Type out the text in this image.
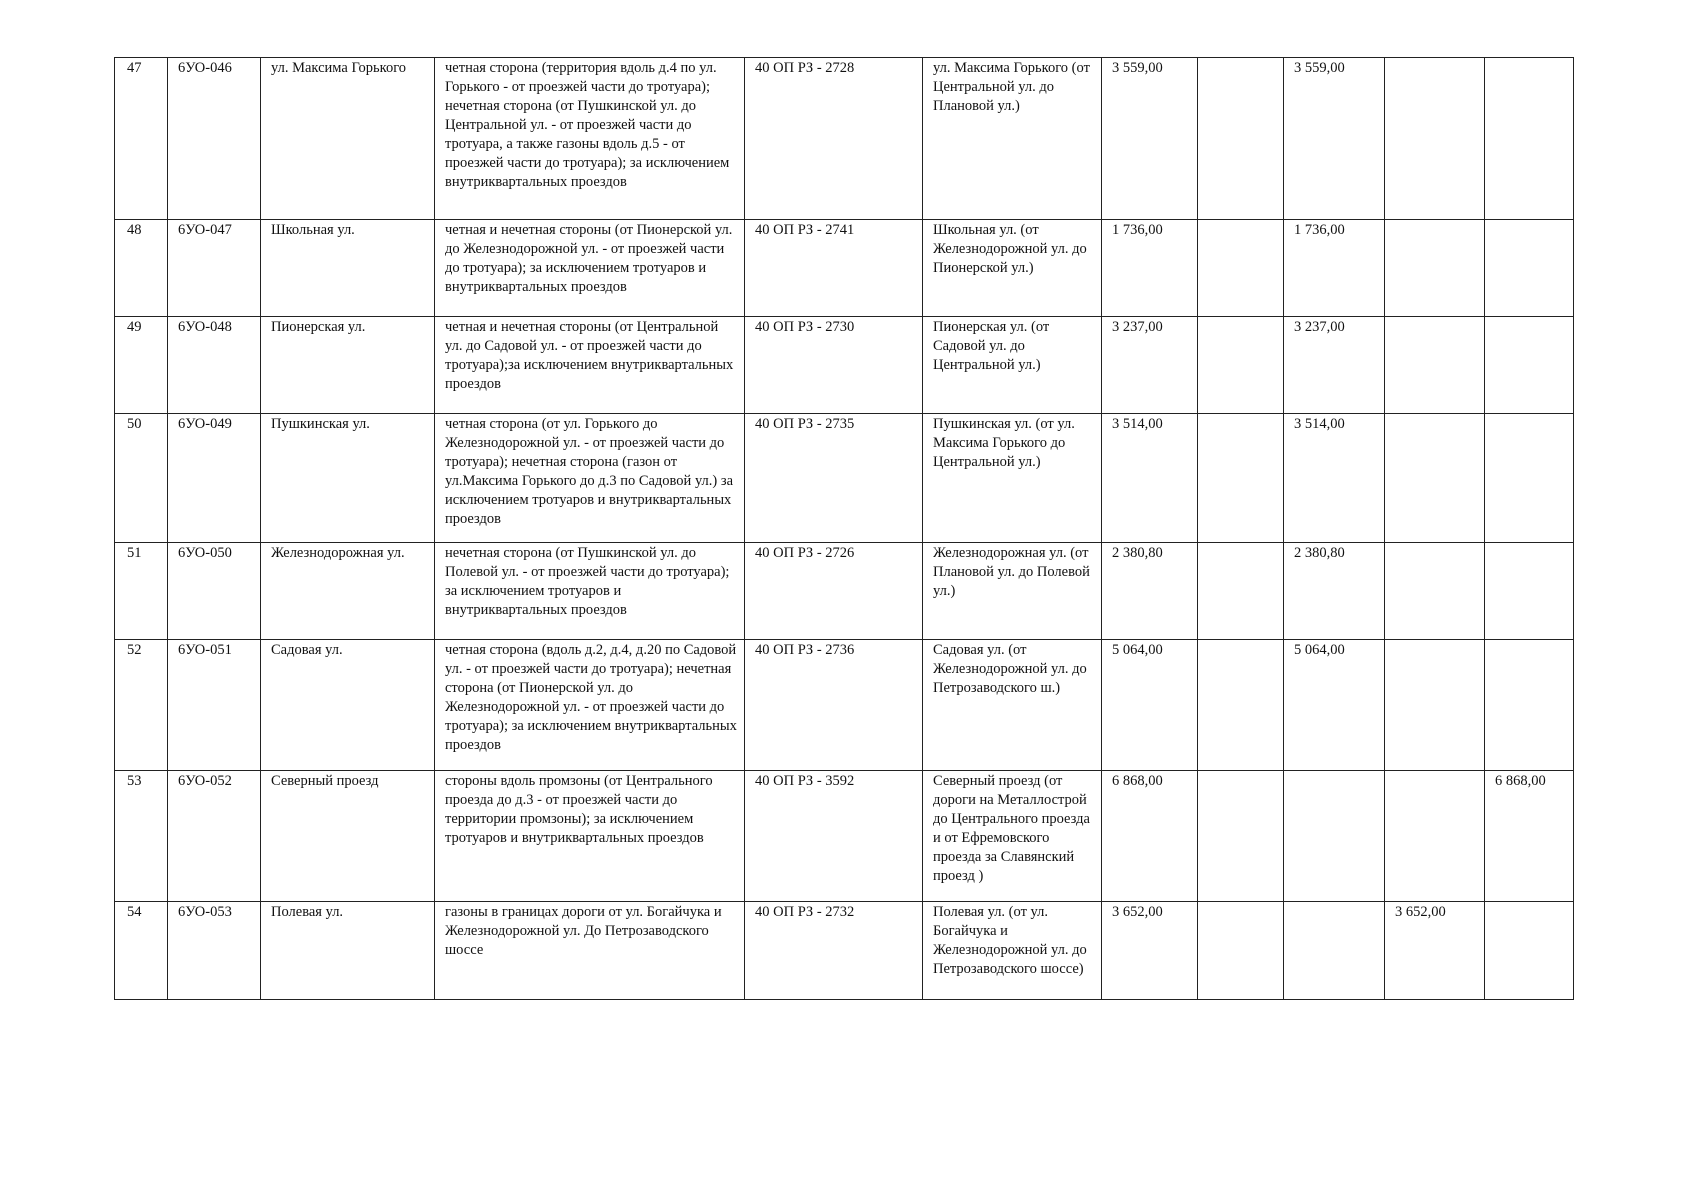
47	6УО-046	ул. Максима Горького	четная сторона (территория вдоль д.4 по ул. Горького - от проезжей части до тротуара); нечетная сторона (от Пушкинской ул. до Центральной ул. - от проезжей части до тротуара, а также газоны вдоль д.5 - от проезжей части до тротуара); за исключением внутриквартальных проездов	40 ОП РЗ - 2728	ул. Максима Горького (от Центральной ул. до Плановой ул.)	3 559,00		3 559,00		
48	6УО-047	Школьная ул.	четная и нечетная стороны (от Пионерской ул. до Железнодорожной ул. - от проезжей части до тротуара); за исключением тротуаров и внутриквартальных проездов	40 ОП РЗ - 2741	Школьная ул. (от Железнодорожной ул. до Пионерской ул.)	1 736,00		1 736,00		
49	6УО-048	Пионерская ул.	четная и нечетная стороны (от Центральной ул. до Садовой ул. - от проезжей части до тротуара);за исключением внутриквартальных проездов	40 ОП РЗ - 2730	Пионерская ул. (от Садовой ул. до Центральной ул.)	3 237,00		3 237,00		
50	6УО-049	Пушкинская ул.	четная сторона (от ул. Горького до Железнодорожной ул. - от проезжей части до тротуара); нечетная сторона (газон от ул.Максима Горького до д.3 по Садовой ул.) за исключением тротуаров и внутриквартальных проездов	40 ОП РЗ - 2735	Пушкинская ул. (от ул. Максима Горького до Центральной ул.)	3 514,00		3 514,00		
51	6УО-050	Железнодорожная ул.	нечетная сторона (от Пушкинской ул. до Полевой ул. - от проезжей части до тротуара); за исключением тротуаров и внутриквартальных проездов	40 ОП РЗ - 2726	Железнодорожная ул. (от Плановой ул. до Полевой ул.)	2 380,80		2 380,80		
52	6УО-051	Садовая ул.	четная сторона (вдоль д.2, д.4, д.20 по Садовой ул. - от проезжей части до тротуара); нечетная сторона (от Пионерской ул. до Железнодорожной ул. - от проезжей части до тротуара); за исключением внутриквартальных проездов	40 ОП РЗ - 2736	Садовая ул. (от Железнодорожной ул. до Петрозаводского ш.)	5 064,00		5 064,00		
53	6УО-052	Северный проезд	стороны вдоль промзоны (от Центрального проезда до д.3 - от проезжей части до территории промзоны); за исключением тротуаров и внутриквартальных проездов	40 ОП РЗ - 3592	Северный проезд (от дороги на Металлострой до Центрального проезда и от Ефремовского проезда за Славянский проезд )	6 868,00				6 868,00
54	6УО-053	Полевая ул.	газоны в границах дороги от ул. Богайчука и Железнодорожной ул. До Петрозаводского шоссе	40 ОП РЗ - 2732	Полевая ул. (от ул. Богайчука и Железнодорожной ул. до Петрозаводского шоссе)	3 652,00			3 652,00	
